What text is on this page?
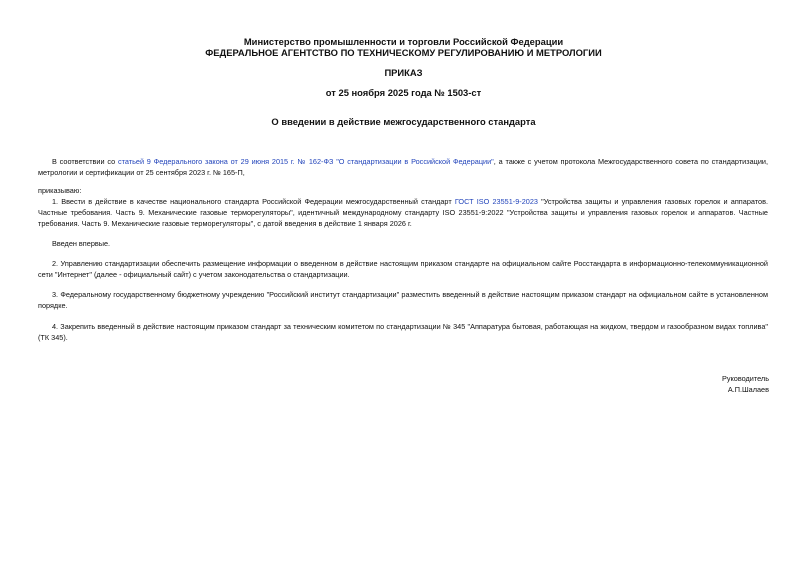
Министерство промышленности и торговли Российской Федерации
ФЕДЕРАЛЬНОЕ АГЕНТСТВО ПО ТЕХНИЧЕСКОМУ РЕГУЛИРОВАНИЮ И МЕТРОЛОГИИ
ПРИКАЗ
от 25 ноября 2025 года № 1503-ст
О введении в действие межгосударственного стандарта
В соответствии со статьей 9 Федерального закона от 29 июня 2015 г. № 162-ФЗ "О стандартизации в Российской Федерации", а также с учетом протокола Межгосударственного совета по стандартизации, метрологии и сертификации от 25 сентября 2023 г. № 165-П,
приказываю:
1. Ввести в действие в качестве национального стандарта Российской Федерации межгосударственный стандарт ГОСТ ISO 23551-9-2023 "Устройства защиты и управления газовых горелок и аппаратов. Частные требования. Часть 9. Механические газовые терморегуляторы", идентичный международному стандарту ISO 23551-9:2022 "Устройства защиты и управления газовых горелок и аппаратов. Частные требования. Часть 9. Механические газовые терморегуляторы", с датой введения в действие 1 января 2026 г.
Введен впервые.
2. Управлению стандартизации обеспечить размещение информации о введенном в действие настоящим приказом стандарте на официальном сайте Росстандарта в информационно-телекоммуникационной сети "Интернет" (далее - официальный сайт) с учетом законодательства о стандартизации.
3. Федеральному государственному бюджетному учреждению "Российский институт стандартизации" разместить введенный в действие настоящим приказом стандарт на официальном сайте в установленном порядке.
4. Закрепить введенный в действие настоящим приказом стандарт за техническим комитетом по стандартизации № 345 "Аппаратура бытовая, работающая на жидком, твердом и газообразном видах топлива" (ТК 345).
Руководитель
А.П.Шалаев
